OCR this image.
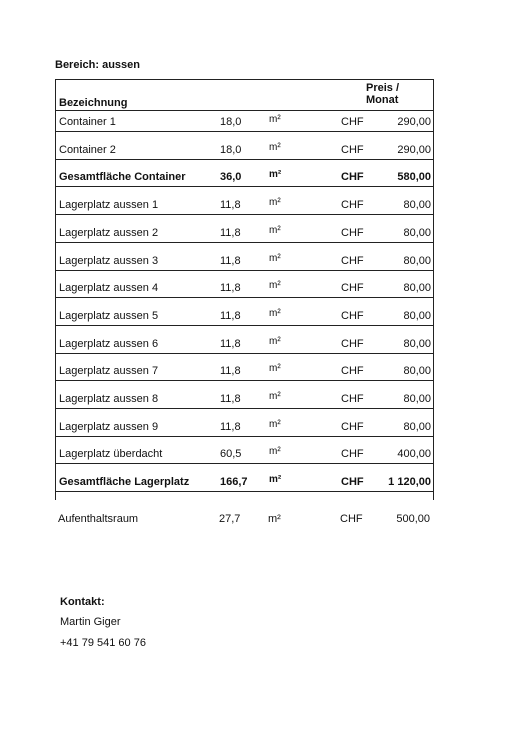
Bereich: aussen
Bezeichnung
Preis /
Monat
Container 1	18,0	m²	CHF	290,00
Container 2	18,0	m²	CHF	290,00
Gesamtfläche Container	36,0	m²	CHF	580,00
Lagerplatz aussen 1	11,8	m²	CHF	80,00
Lagerplatz aussen 2	11,8	m²	CHF	80,00
Lagerplatz aussen 3	11,8	m²	CHF	80,00
Lagerplatz aussen 4	11,8	m²	CHF	80,00
Lagerplatz aussen 5	11,8	m²	CHF	80,00
Lagerplatz aussen 6	11,8	m²	CHF	80,00
Lagerplatz aussen 7	11,8	m²	CHF	80,00
Lagerplatz aussen 8	11,8	m²	CHF	80,00
Lagerplatz aussen 9	11,8	m²	CHF	80,00
Lagerplatz überdacht	60,5	m²	CHF	400,00
Gesamtfläche Lagerplatz	166,7 m²	CHF 1 120,00
Aufenthaltsraum	27,7	m²	CHF	500,00
Kontakt:
Martin Giger
+41 79 541 60 76
